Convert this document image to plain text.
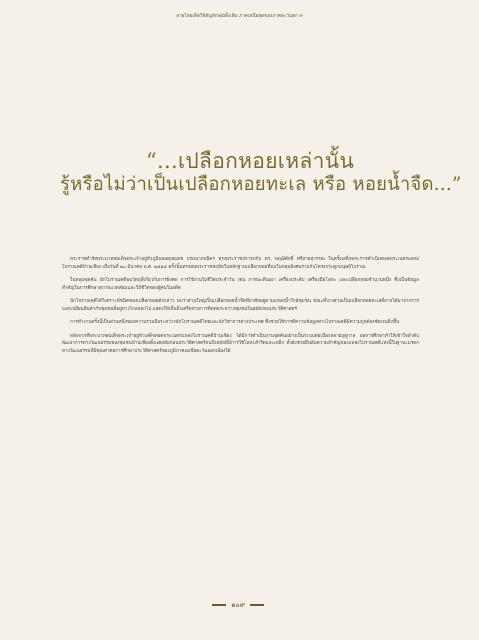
ลายไทยเด็ดใช้สัญลักษณ์ดั้งเดิม ภาคเหนือสุดของภาคตะวันตก ๙
“...เปลือกหอยเหล่านั้น
รู้หรือไม่ว่าเป็นเปลือกหอยทะเล หรือ หอยน้ำจืด...”

พระราชดำรัสพระบาทสมเด็จพระเจ้าอยู่หัวภูมิพลอดุลยเดช บรมนาถบพิตร ทรงพระราชปรารภกับ ดร. พฤฒิศักดิ์ ศรีสายสุวรรณ ในครั้งเสด็จพระราชดำเนินทอดพระเนตรแหล่งโบราณคดีบ้านเชียง เมื่อวันที่ ๒๐ มีนาคม พ.ศ. ๒๕๑๕ ครั้งนั้นทรงสนพระราชหฤทัยในหลักฐานเปลือกหอยที่พบในหลุมฝังศพร่วมกับโครงกระดูกมนุษย์โบราณ

ในหลุมขุดค้น นักโบราณคดีพบวัตถุที่เกี่ยวกับการฝังศพ การใช้งานในชีวิตประจำวัน เช่น ภาชนะดินเผา เครื่องประดับ เครื่องมือโลหะ และเปลือกหอยจำนวนหนึ่ง ซึ่งเป็นข้อมูลสำคัญในการศึกษาสภาพแวดล้อมและวิถีชีวิตของผู้คนในอดีต

นักโบราณคดีได้วิเคราะห์ชนิดของเปลือกหอยดังกล่าว พบว่าส่วนใหญ่เป็นเปลือกหอยน้ำจืดที่อาศัยอยู่ตามแหล่งน้ำใกล้ชุมชน ขณะที่บางส่วนเป็นเปลือกหอยทะเลที่อาจได้มาจากการแลกเปลี่ยนสินค้ากับชุมชนที่อยู่ห่างไกลออกไป แสดงให้เห็นถึงเครือข่ายการติดต่อระหว่างชุมชนในสมัยก่อนประวัติศาสตร์

การทำงานครั้งนี้เป็นส่วนหนึ่งของความร่วมมือระหว่างนักโบราณคดีไทยและนักวิชาการต่างประเทศ ซึ่งช่วยให้การตีความข้อมูลทางโบราณคดีมีความถูกต้องชัดเจนยิ่งขึ้น

หลังจากที่พระบาทสมเด็จพระเจ้าอยู่หัวเสด็จทอดพระเนตรแหล่งโบราณคดีบ้านเชียง ได้มีการดำเนินงานขุดค้นอย่างเป็นระบบต่อเนื่องหลายฤดูกาล ผลการศึกษาทำให้เข้าใจลำดับพัฒนาการทางวัฒนธรรมของชุมชนบ้านเชียงตั้งแต่สมัยก่อนประวัติศาสตร์จนถึงสมัยที่มีการใช้โลหะสำริดและเหล็ก ทั้งยังช่วยยืนยันความสำคัญของแหล่งโบราณคดีแห่งนี้ในฐานะมรดกทางวัฒนธรรมที่มีคุณค่าต่อการศึกษาประวัติศาสตร์ของภูมิภาคเอเชียตะวันออกเฉียงใต้

๑๐๙
